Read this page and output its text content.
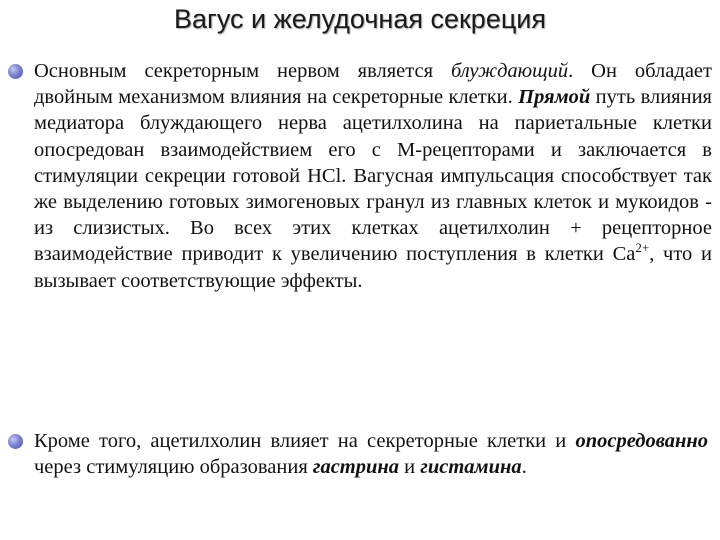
Вагус и желудочная секреция
Основным секреторным нервом является блуждающий. Он обладает двойным механизмом влияния на секреторные клетки. Прямой путь влияния медиатора блуждающего нерва ацетилхолина на париетальные клетки опосредован взаимодействием его с М-рецепторами и заключается в стимуляции секреции готовой HCl. Вагусная импульсация способствует так же выделению готовых зимогеновых гранул из главных клеток и мукоидов - из слизистых. Во всех этих клетках ацетилхолин + рецепторное взаимодействие приводит к увеличению поступления в клетки $Са^{2+}$, что и вызывает соответствующие эффекты.
Кроме того, ацетилхолин влияет на секреторные клетки и опосредованно через стимуляцию образования гастрина и гистамина.
